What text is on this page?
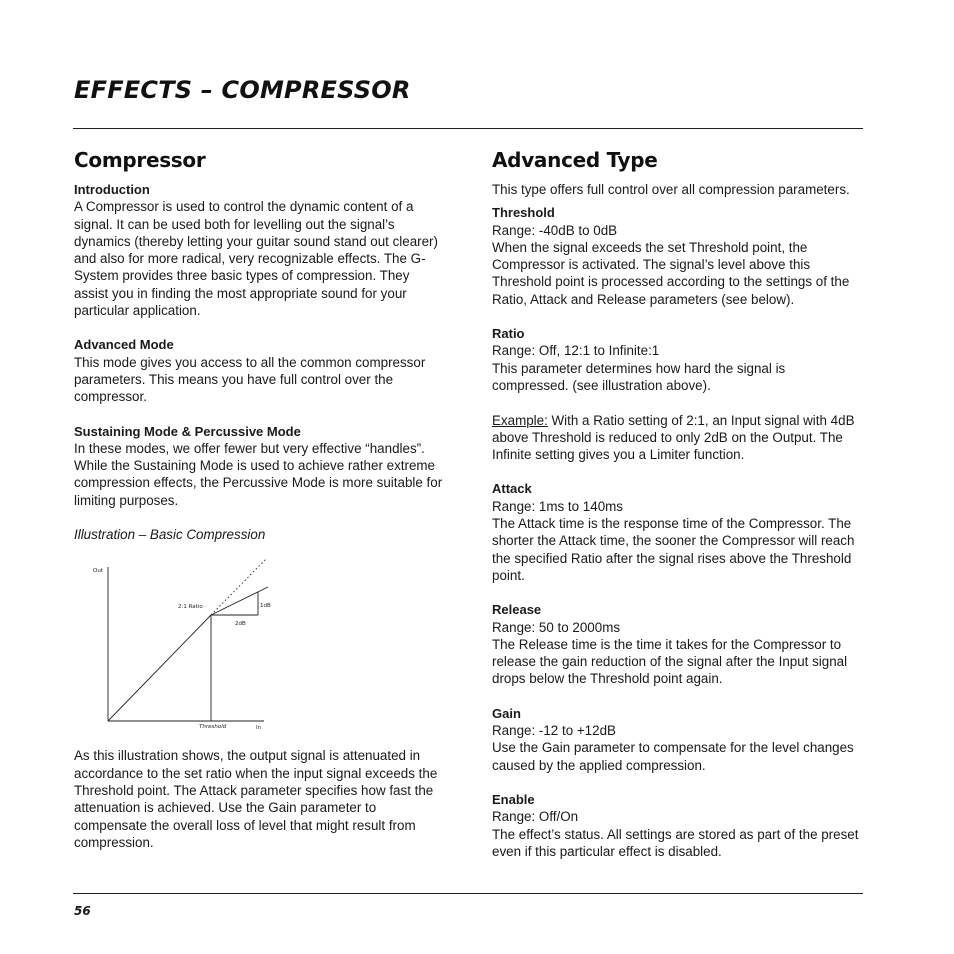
EFFECTS – COMPRESSOR
Compressor
Introduction

A Compressor is used to control the dynamic content of a signal. It can be used both for levelling out the signal’s dynamics (thereby letting your guitar sound stand out clearer) and also for more radical, very recognizable effects. The G-System provides three basic types of compression. They assist you in finding the most appropriate sound for your particular application.

Advanced Mode

This mode gives you access to all the common compressor parameters. This means you have full control over the compressor.

Sustaining Mode & Percussive Mode

In these modes, we offer fewer but very effective “handles”. While the Sustaining Mode is used to achieve rather extreme compression effects, the Percussive Mode is more suitable for limiting purposes.

Illustration – Basic Compression

Out
2:1 Ratio	1dB
2dB
Threshold	In

As this illustration shows, the output signal is attenuated in accordance to the set ratio when the input signal exceeds the Threshold point. The Attack parameter specifies how fast the attenuation is achieved. Use the Gain parameter to compensate the overall loss of level that might result from compression.

Advanced Type

This type offers full control over all compression parameters.

Threshold

Range: -40dB to 0dB

When the signal exceeds the set Threshold point, the Compressor is activated. The signal’s level above this Threshold point is processed according to the settings of the Ratio, Attack and Release parameters (see below).

Ratio

Range: Off, 12:1 to Infinite:1

This parameter determines how hard the signal is compressed. (see illustration above).

Example: With a Ratio setting of 2:1, an Input signal with 4dB above Threshold is reduced to only 2dB on the Output. The Infinite setting gives you a Limiter function.

Attack

Range: 1ms to 140ms

The Attack time is the response time of the Compressor. The shorter the Attack time, the sooner the Compressor will reach the specified Ratio after the signal rises above the Threshold point.

Release

Range: 50 to 2000ms

The Release time is the time it takes for the Compressor to release the gain reduction of the signal after the Input signal drops below the Threshold point again.

Gain

Range: -12 to +12dB

Use the Gain parameter to compensate for the level changes caused by the applied compression.

Enable

Range: Off/On

The effect’s status. All settings are stored as part of the preset even if this particular effect is disabled.

56
